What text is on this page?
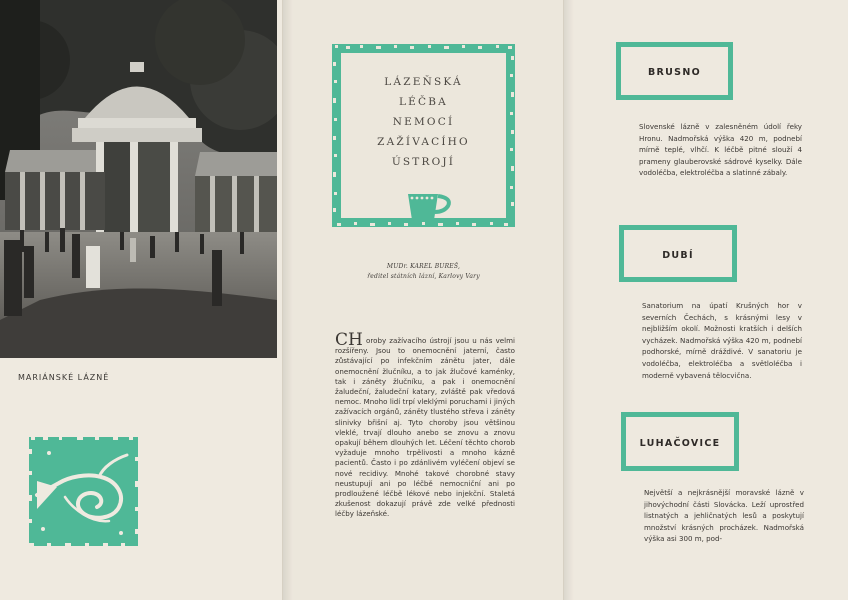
MARIÁNSKÉ LÁZNĚ
LÁZEŇSKÁ
LÉČBA
NEMOCÍ
ZAŽÍVACÍHO
ÚSTROJÍ
MUDr. KAREL BUREŠ,
ředitel státních lázní, Karlovy Vary
CH oroby zažívacího ústrojí jsou u nás velmi rozšířeny. Jsou to onemocnění jaterní, často zůstávající po infekčním zánětu jater, dále onemocnění žlučníku, a to jak žlučové kaménky, tak i záněty žlučníku, a pak i onemocnění žaludeční, žaludeční katary, zvláště pak vředová nemoc. Mnoho lidí trpí vleklými poruchami i jiných zažívacích orgánů, záněty tlustého střeva i záněty slinivky břišní aj. Tyto choroby jsou většinou vleklé, trvají dlouho anebo se znovu a znovu opakují během dlouhých let. Léčení těchto chorob vyžaduje mnoho trpělivosti a mnoho kázně pacientů. Často i po zdánlivém vyléčení objeví se nové recidivy. Mnohé takové chorobné stavy neustupují ani po léčbě nemocniční ani po prodloužené léčbě lékové nebo injekční. Staletá zkušenost dokazují právě zde velké přednosti léčby lázeňské.
BRUSNO
Slovenské lázně v zalesněném údolí řeky Hronu. Nadmořská výška 420 m, podnebí mírně teplé, vlhčí. K léčbě pitné slouží 4 prameny glauberovské sádrové kyselky. Dále vodoléčba, elektroléčba a slatinné zábaly.
DUBÍ
Sanatorium na úpatí Krušných hor v severních Čechách, s krásnými lesy v nejbližším okolí. Možnosti kratších i delších vycházek. Nadmořská výška 420 m, podnebí podhorské, mírně dráždivé. V sanatoriu je vodoléčba, elektroléčba a světloléčba i moderně vybavená tělocvična.
LUHAČOVICE
Největší a nejkrásnější moravské lázně v jihovýchodní části Slovácka. Leží uprostřed listnatých a jehličnatých lesů a poskytují množství krásných procházek. Nadmořská výška asi 300 m, pod-
